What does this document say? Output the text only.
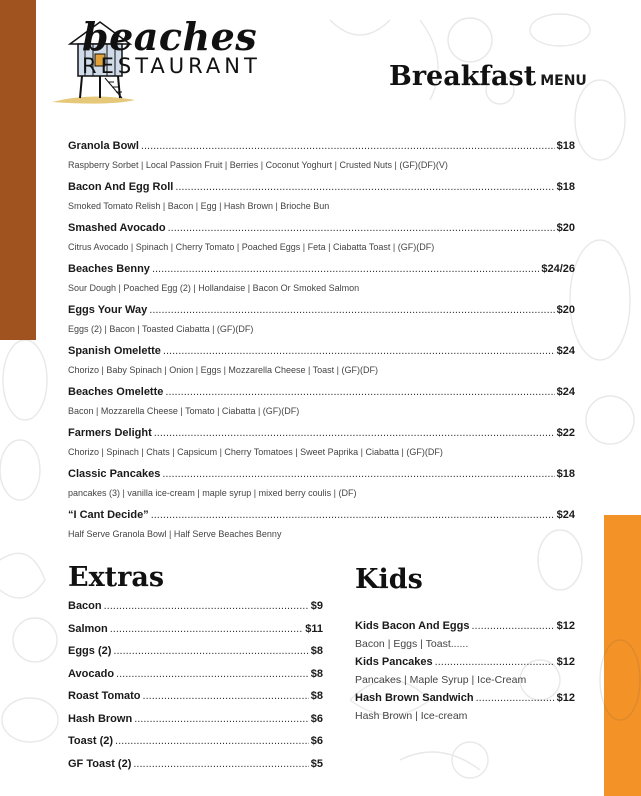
beaches
RESTAURANT	Breakfast MENU
Granola Bowl .....	$18
Raspberry Sorbet | Local Passion Fruit | Berries | Coconut Yoghurt | Crusted Nuts | (GF)(DF)(V)
Bacon And Egg Roll .....	$18
Smoked Tomato Relish | Bacon | Egg | Hash Brown | Brioche Bun
Smashed Avocado .....	$20
Citrus Avocado | Spinach | Cherry Tomato | Poached Eggs | Feta | Ciabatta Toast | (GF)(DF)
Beaches Benny .....	$24/26
Sour Dough | Poached Egg (2) | Hollandaise | Bacon Or Smoked Salmon
Eggs Your Way .....	$20
Eggs (2) | Bacon | Toasted Ciabatta | (GF)(DF)
Spanish Omelette .....	$24
Chorizo | Baby Spinach | Onion | Eggs | Mozzarella Cheese | Toast | (GF)(DF)
Beaches Omelette .....	$24
Bacon | Mozzarella Cheese | Tomato | Ciabatta | (GF)(DF)
Farmers Delight .....	$22
Chorizo | Spinach | Chats | Capsicum | Cherry Tomatoes | Sweet Paprika | Ciabatta | (GF)(DF)
Classic Pancakes .....	$18
pancakes (3) | vanilla ice-cream | maple syrup | mixed berry coulis | (DF)
“I Cant Decide” .....	$24
Half Serve Granola Bowl | Half Serve Beaches Benny
Extras
Bacon .....	$9
Salmon .....	$11
Eggs (2) .....	$8
Avocado .....	$8
Roast Tomato .....	$8
Hash Brown .....	$6
Toast (2) .....	$6
GF Toast (2) .....	$5
Kids
Kids Bacon And Eggs .....	$12
Bacon | Eggs | Toast......
Kids Pancakes .....	$12
Pancakes | Maple Syrup | Ice-Cream
Hash Brown Sandwich .....	$12
Hash Brown | Ice-cream
